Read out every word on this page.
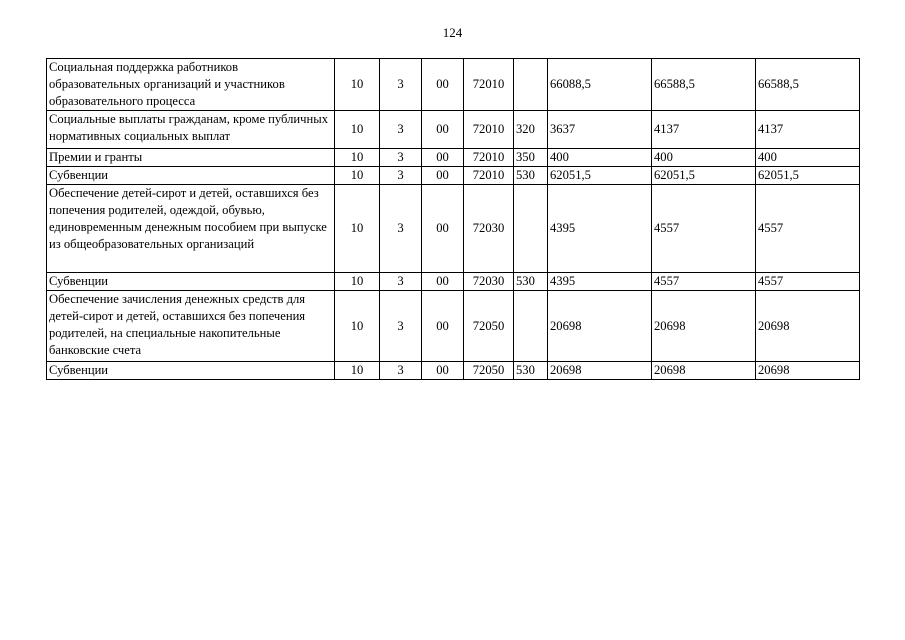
124
Социальная поддержка работников образовательных организаций и участников образовательного процесса	10	3	00	72010		66088,5	66588,5	66588,5
Социальные выплаты гражданам, кроме публичных нормативных социальных выплат	10	3	00	72010	320	3637	4137	4137
Премии и гранты	10	3	00	72010	350	400	400	400
Субвенции	10	3	00	72010	530	62051,5	62051,5	62051,5
Обеспечение детей-сирот и детей, оставшихся без попечения родителей, одеждой, обувью, единовременным денежным пособием при выпуске из общеобразовательных организаций	10	3	00	72030		4395	4557	4557
Субвенции	10	3	00	72030	530	4395	4557	4557
Обеспечение зачисления денежных средств для детей-сирот и детей, оставшихся без попечения родителей, на специальные накопительные банковские счета	10	3	00	72050		20698	20698	20698
Субвенции	10	3	00	72050	530	20698	20698	20698
